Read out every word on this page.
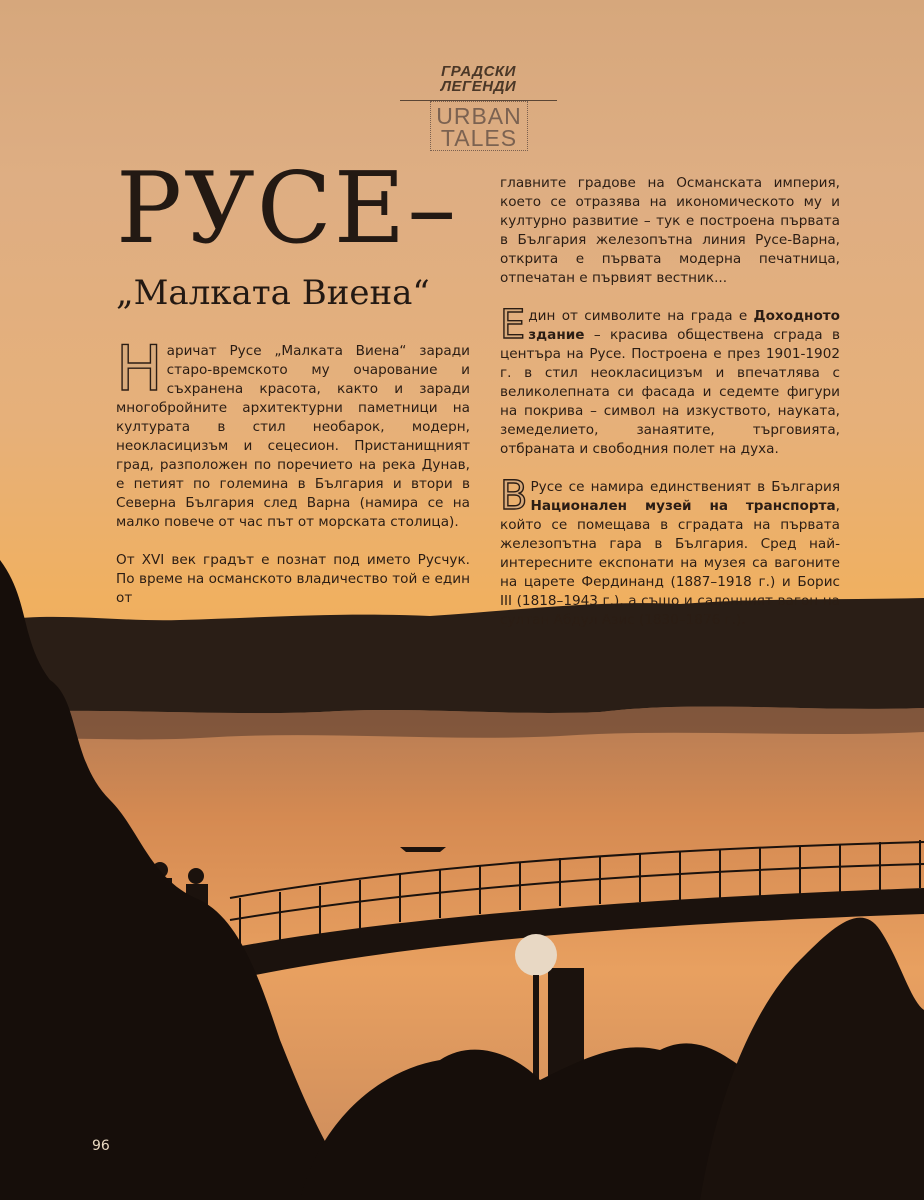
ГРАДСКИ
ЛЕГЕНДИ
URBAN
TALES
РУСЕ–
„Малката Виена“

Наричат Русе „Малката Виена“ заради старо-времското му очарование и съхранена красота, както и заради многобройните архитектурни паметници на културата в стил необарок, модерн, неокласицизъм и сецесион. Пристанищният град, разположен по поречието на река Дунав, е петият по големина в България и втори в Северна България след Варна (намира се на малко повече от час път от морската столица).

От XVI век градът е познат под името Русчук. По време на османското владичество той е един от

главните градове на Османската империя, което се отразява на икономическото му и културно развитие – тук е построена първата в България железопътна линия Русе-Варна, открита е първата модерна печатница, отпечатан е първият вестник...

Един от символите на града е Доходното здание – красива обществена сграда в центъра на Русе. Построена е през 1901-1902 г. в стил неокласицизъм и впечатлява с великолепната си фасада и седемте фигури на покрива – символ на изкуството, науката, земеделието, занаятите, търговията, отбраната и свободния полет на духа.

В Русе се намира единственият в България Национален музей на транспорта, който се помещава в сградата на първата железопътна гара в България. Сред най-интересните експонати на музея са вагоните на царете Фердинанд (1887–1918 г.) и Борис III (1818–1943 г.), а също и салонният вагон на султан Абдул Азис (1830–1876 г.).

96
